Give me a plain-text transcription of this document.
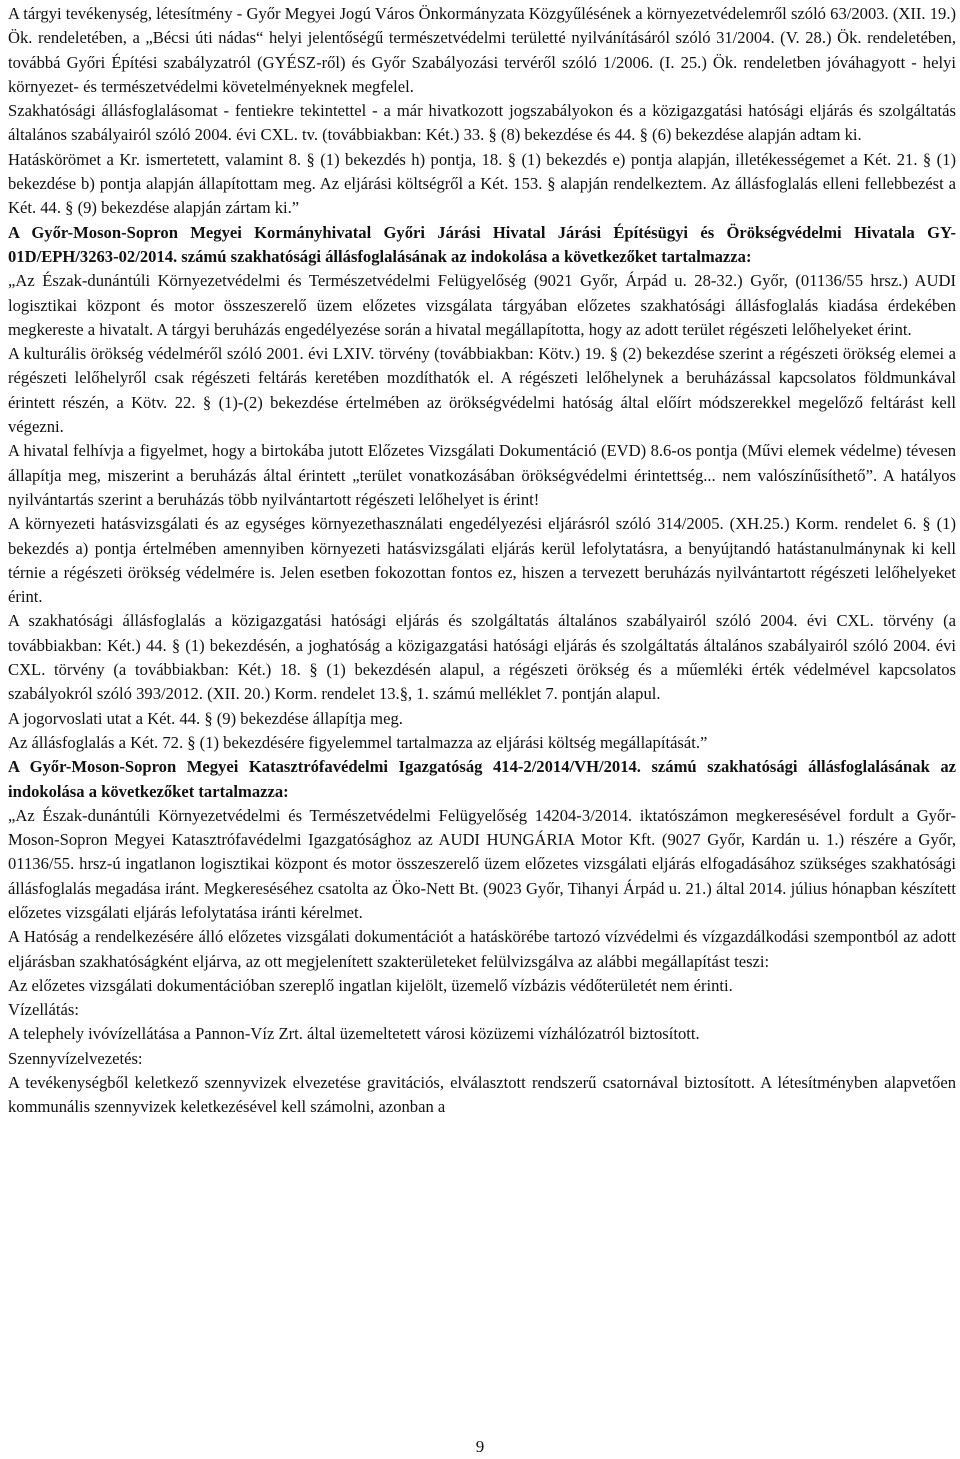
A tárgyi tevékenység, létesítmény - Győr Megyei Jogú Város Önkormányzata Közgyűlésének a környezetvédelemről szóló 63/2003. (XII. 19.) Ök. rendeletében, a „Bécsi úti nádas“ helyi jelentőségű természetvédelmi területté nyilvánításáról szóló 31/2004. (V. 28.) Ök. rendeletében, továbbá Győri Építési szabályzatról (GYÉSZ-ről) és Győr Szabályozási tervéről szóló 1/2006. (I. 25.) Ök. rendeletben jóváhagyott - helyi környezet- és természetvédelmi követelményeknek megfelel.

Szakhatósági állásfoglalásomat - fentiekre tekintettel - a már hivatkozott jogszabályokon és a közigazgatási hatósági eljárás és szolgáltatás általános szabályairól szóló 2004. évi CXL. tv. (továbbiakban: Két.) 33. § (8) bekezdése és 44. § (6) bekezdése alapján adtam ki.

Hatáskörömet a Kr. ismertetett, valamint 8. § (1) bekezdés h) pontja, 18. § (1) bekezdés e) pontja alapján, illetékességemet a Két. 21. § (1) bekezdése b) pontja alapján állapítottam meg. Az eljárási költségről a Két. 153. § alapján rendelkeztem. Az állásfoglalás elleni fellebbezést a Két. 44. § (9) bekezdése alapján zártam ki.”

A Győr-Moson-Sopron Megyei Kormányhivatal Győri Járási Hivatal Járási Építésügyi és Örökségvédelmi Hivatala GY-01D/EPH/3263-02/2014. számú szakhatósági állásfoglalásának az indokolása a következőket tartalmazza:

„Az Észak-dunántúli Környezetvédelmi és Természetvédelmi Felügyelőség (9021 Győr, Árpád u. 28-32.) Győr, (01136/55 hrsz.) AUDI logisztikai központ és motor összeszerelő üzem előzetes vizsgálata tárgyában előzetes szakhatósági állásfoglalás kiadása érdekében megkereste a hivatalt. A tárgyi beruházás engedélyezése során a hivatal megállapította, hogy az adott terület régészeti lelőhelyeket érint.

A kulturális örökség védelméről szóló 2001. évi LXIV. törvény (továbbiakban: Kötv.) 19. § (2) bekezdése szerint a régészeti örökség elemei a régészeti lelőhelyről csak régészeti feltárás keretében mozdíthatók el. A régészeti lelőhelynek a beruházással kapcsolatos földmunkával érintett részén, a Kötv. 22. § (1)-(2) bekezdése értelmében az örökségvédelmi hatóság által előírt módszerekkel megelőző feltárást kell végezni.

A hivatal felhívja a figyelmet, hogy a birtokába jutott Előzetes Vizsgálati Dokumentáció (EVD) 8.6-os pontja (Művi elemek védelme) tévesen állapítja meg, miszerint a beruházás által érintett „terület vonatkozásában örökségvédelmi érintettség... nem valószínűsíthető”. A hatályos nyilvántartás szerint a beruházás több nyilvántartott régészeti lelőhelyet is érint!

A környezeti hatásvizsgálati és az egységes környezethasználati engedélyezési eljárásról szóló 314/2005. (XH.25.) Korm. rendelet 6. § (1) bekezdés a) pontja értelmében amennyiben környezeti hatásvizsgálati eljárás kerül lefolytatásra, a benyújtandó hatástanulmánynak ki kell térnie a régészeti örökség védelmére is. Jelen esetben fokozottan fontos ez, hiszen a tervezett beruházás nyilvántartott régészeti lelőhelyeket érint.

A szakhatósági állásfoglalás a közigazgatási hatósági eljárás és szolgáltatás általános szabályairól szóló 2004. évi CXL. törvény (a továbbiakban: Két.) 44. § (1) bekezdésén, a joghatóság a közigazgatási hatósági eljárás és szolgáltatás általános szabályairól szóló 2004. évi CXL. törvény (a továbbiakban: Két.) 18. § (1) bekezdésén alapul, a régészeti örökség és a műemléki érték védelmével kapcsolatos szabályokról szóló 393/2012. (XII. 20.) Korm. rendelet 13.§, 1. számú melléklet 7. pontján alapul.

A jogorvoslati utat a Két. 44. § (9) bekezdése állapítja meg.

Az állásfoglalás a Két. 72. § (1) bekezdésére figyelemmel tartalmazza az eljárási költség megállapítását.”

A Győr-Moson-Sopron Megyei Katasztrófavédelmi Igazgatóság 414-2/2014/VH/2014. számú szakhatósági állásfoglalásának az indokolása a következőket tartalmazza:

„Az Észak-dunántúli Környezetvédelmi és Természetvédelmi Felügyelőség 14204-3/2014. iktatószámon megkeresésével fordult a Győr-Moson-Sopron Megyei Katasztrófavédelmi Igazgatósághoz az AUDI HUNGÁRIA Motor Kft. (9027 Győr, Kardán u. 1.) részére a Győr, 01136/55. hrsz-ú ingatlanon logisztikai központ és motor összeszerelő üzem előzetes vizsgálati eljárás elfogadásához szükséges szakhatósági állásfoglalás megadása iránt. Megkereséséhez csatolta az Öko-Nett Bt. (9023 Győr, Tihanyi Árpád u. 21.) által 2014. július hónapban készített előzetes vizsgálati eljárás lefolytatása iránti kérelmet.

A Hatóság a rendelkezésére álló előzetes vizsgálati dokumentációt a hatáskörébe tartozó vízvédelmi és vízgazdálkodási szempontból az adott eljárásban szakhatóságként eljárva, az ott megjelenített szakterületeket felülvizsgálva az alábbi megállapítást teszi:

Az előzetes vizsgálati dokumentációban szereplő ingatlan kijelölt, üzemelő vízbázis védőterületét nem érinti.

Vízellátás:

A telephely ivóvízellátása a Pannon-Víz Zrt. által üzemeltetett városi közüzemi vízhálózatról biztosított.

Szennyvízelvezetés:

A tevékenységből keletkező szennyvizek elvezetése gravitációs, elválasztott rendszerű csatornával biztosított. A létesítményben alapvetően kommunális szennyvizek keletkezésével kell számolni, azonban a

9
